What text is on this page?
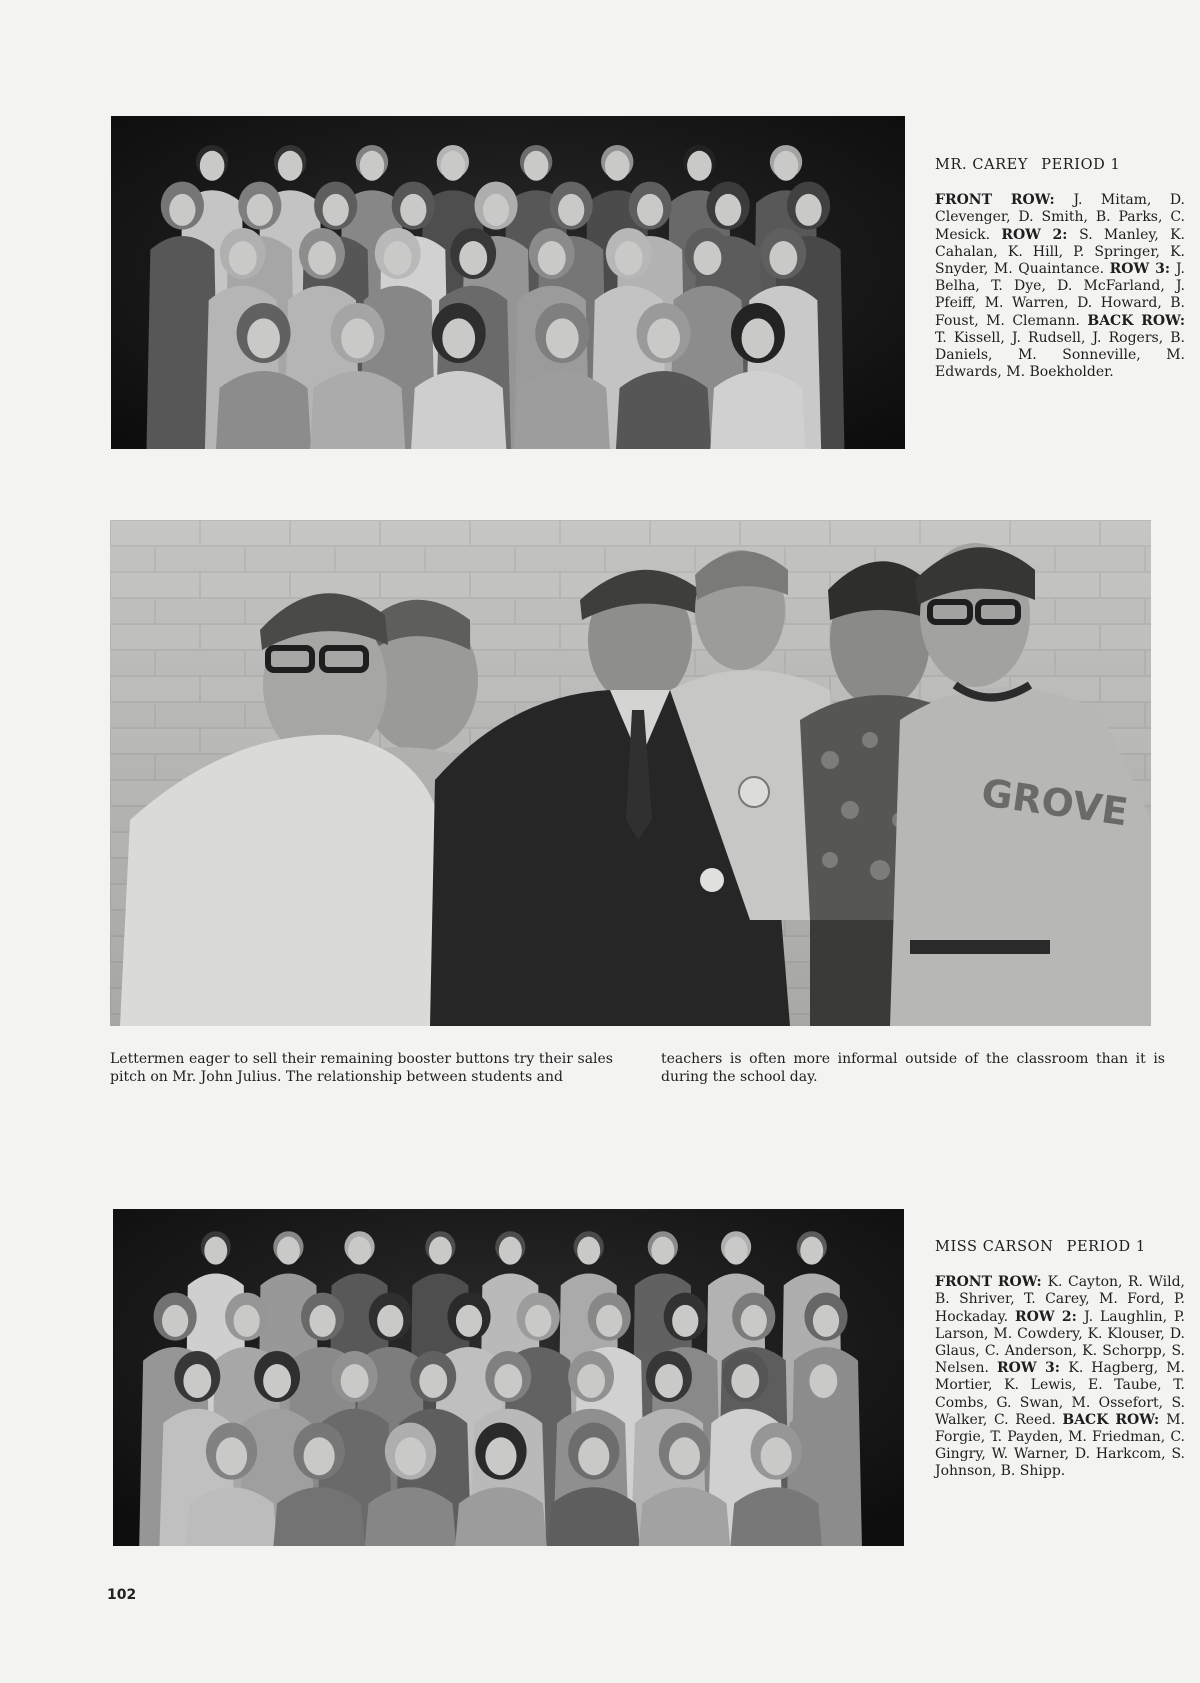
MR. CAREY PERIOD 1
FRONT ROW: J. Mitam, D. Clevenger, D. Smith, B. Parks, C. Mesick. ROW 2: S. Manley, K. Cahalan, K. Hill, P. Springer, K. Snyder, M. Quaintance. ROW 3: J. Belha, T. Dye, D. McFarland, J. Pfeiff, M. Warren, D. Howard, B. Foust, M. Clemann. BACK ROW: T. Kissell, J. Rudsell, J. Rogers, B. Daniels, M. Sonneville, M. Edwards, M. Boekholder.
GROVE
Lettermen eager to sell their remaining booster buttons try their sales pitch on Mr. John Julius. The relationship between students and
teachers is often more informal outside of the classroom than it is during the school day.
MISS CARSON PERIOD 1
FRONT ROW: K. Cayton, R. Wild, B. Shriver, T. Carey, M. Ford, P. Hockaday. ROW 2: J. Laughlin, P. Larson, M. Cowdery, K. Klouser, D. Glaus, C. Anderson, K. Schorpp, S. Nelsen. ROW 3: K. Hagberg, M. Mortier, K. Lewis, E. Taube, T. Combs, G. Swan, M. Ossefort, S. Walker, C. Reed. BACK ROW: M. Forgie, T. Payden, M. Friedman, C. Gingry, W. Warner, D. Harkcom, S. Johnson, B. Shipp.
102
